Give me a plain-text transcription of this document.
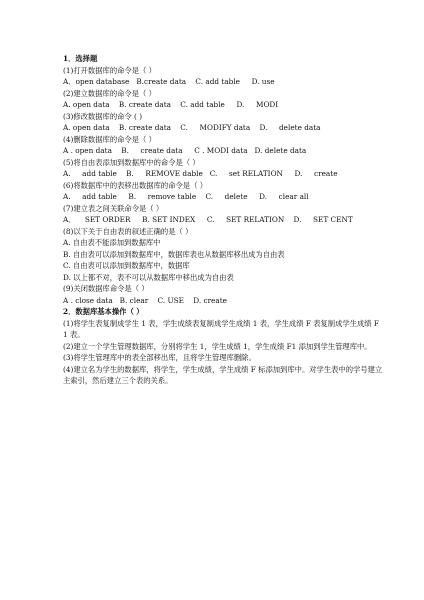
1．选择题
(1)打开数据库的命令是（ ）
A．open database   B.create data    C. add table     D. use
(2)建立数据库的命令是（ ）
A. open data    B. create data    C. add table     D.     MODI
(3)修改数据库的命令 ( )
A. open data    B. create data    C.     MODIFY data    D.     delete data
(4)删除数据库的命令是（ ）
A . open data    B.     create data     C . MODI data   D. delete data
(5)将自由表添加到数据库中的命令是（ ）
A.     add table    B.     REMOVE dable   C.     set RELATION     D.     create
(6)将数据库中的表移出数据库的命令是（ ）
A.     add table     B.     remove table    C.     delete     D.     clear all
(7)建立表之间关联命令是（ ）
A．    SET ORDER     B. SET INDEX     C.     SET RELATION    D.     SET CENT
(8)以下关于自由表的叙述正确的是（ ）
A. 自由表不能添加到数据库中
B. 自由表可以添加到数据库中，数据库表也从数据库移出成为自由表
C. 自由表可以添加到数据库中，数据库
D. 以上都不对，表不可以从数据库中移出成为自由表
(9)关闭数据库命令是（ ）
A . close data   B. clear    C. USE    D. create
2．数据库基本操作（ ）
(1)将学生表复制成学生 1 表，学生成绩表复制成学生成绩 1 表，学生成绩 F 表复制成学生成绩 F1 表。
(2)建立一个学生管理数据库，分别将学生 1，学生成绩 1，学生成绩 F1 添加到学生管理库中。
(3)将学生管理库中的表全部移出库，且将学生管理库删除。
(4)建立名为学生的数据库，将学生，学生成绩，学生成绩 F 标添加到库中。对学生表中的学号建立主索引，然后建立三个表的关系。
